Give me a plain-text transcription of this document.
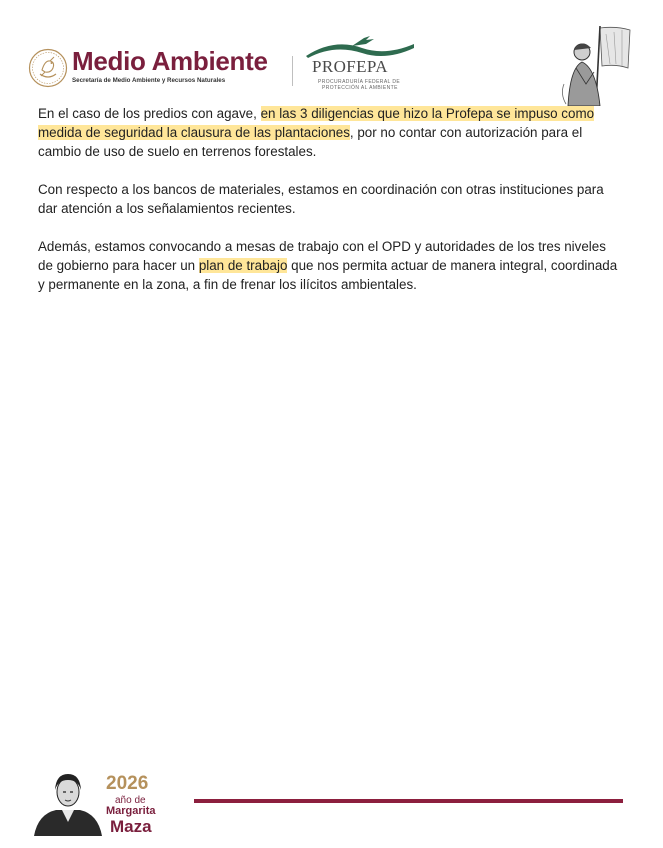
Medio Ambiente
Secretaría de Medio Ambiente y Recursos Naturales
PROFEPA
PROCURADURÍA FEDERAL DE
PROTECCIÓN AL AMBIENTE

En el caso de los predios con agave, en las 3 diligencias que hizo la Profepa se impuso como medida de seguridad la clausura de las plantaciones, por no contar con autorización para el cambio de uso de suelo en terrenos forestales.

Con respecto a los bancos de materiales, estamos en coordinación con otras instituciones para dar atención a los señalamientos recientes.

Además, estamos convocando a mesas de trabajo con el OPD y autoridades de los tres niveles de gobierno para hacer un plan de trabajo que nos permita actuar de manera integral, coordinada y permanente en la zona, a fin de frenar los ilícitos ambientales.

2026
año de
Margarita
Maza
